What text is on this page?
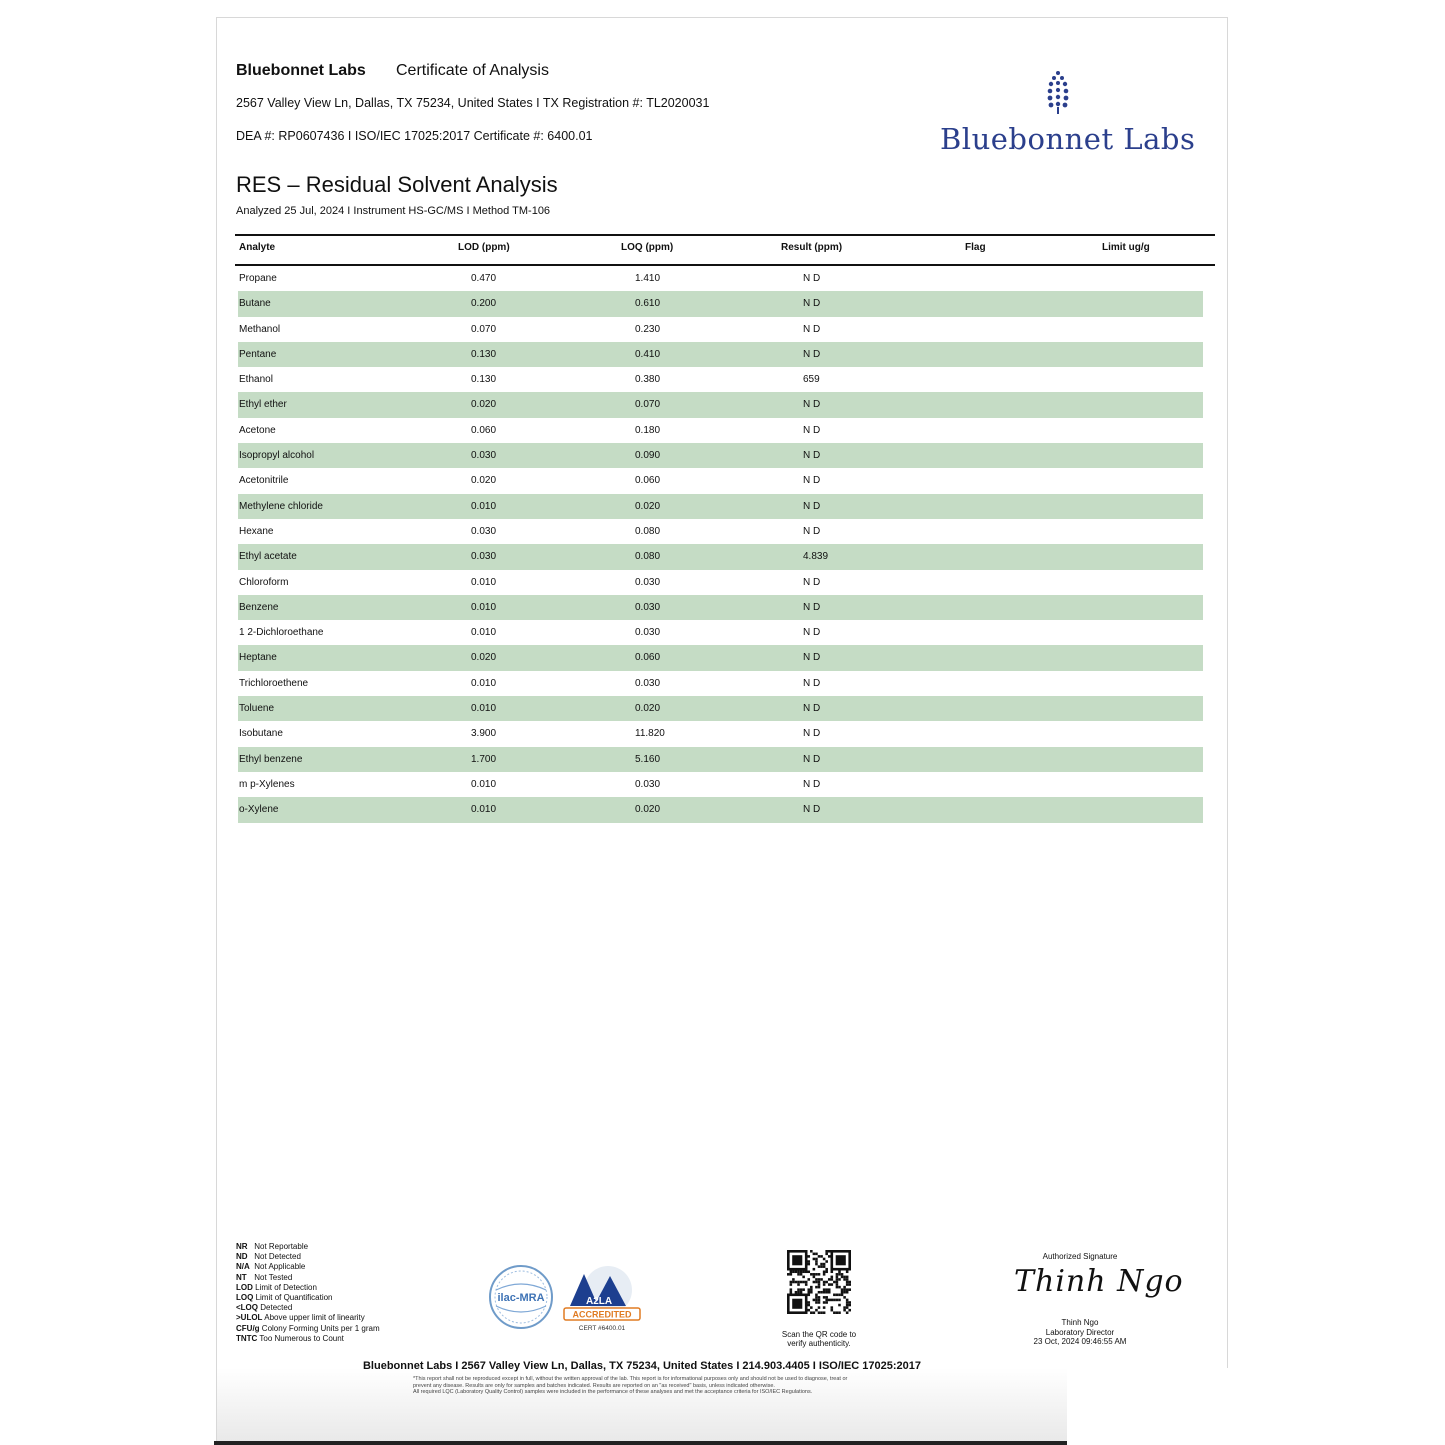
Bluebonnet Labs Certificate of Analysis
2567 Valley View Ln, Dallas, TX 75234, United States I TX Registration #: TL2020031
DEA #: RP0607436 I ISO/IEC 17025:2017 Certificate #: 6400.01	Bluebonnet Labs
RES – Residual Solvent Analysis
Analyzed 25 Jul, 2024 I Instrument HS-GC/MS I Method TM-106
Analyte	LOD (ppm)	LOQ (ppm)	Result (ppm)	Flag	Limit ug/g
Propane	0.470	1.410	N D
Butane	0.200	0.610	N D
Methanol	0.070	0.230	N D
Pentane	0.130	0.410	N D
Ethanol	0.130	0.380	659
Ethyl ether	0.020	0.070	N D
Acetone	0.060	0.180	N D
Isopropyl alcohol	0.030	0.090	N D
Acetonitrile	0.020	0.060	N D
Methylene chloride	0.010	0.020	N D
Hexane	0.030	0.080	N D
Ethyl acetate	0.030	0.080	4.839
Chloroform	0.010	0.030	N D
Benzene	0.010	0.030	N D
1 2-Dichloroethane	0.010	0.030	N D
Heptane	0.020	0.060	N D
Trichloroethene	0.010	0.030	N D
Toluene	0.010	0.020	N D
Isobutane	3.900	11.820	N D
Ethyl benzene	1.700	5.160	N D
m p-Xylenes	0.010	0.030	N D
o-Xylene	0.010	0.020	N D
NR Not Reportable
ND Not Detected
N/A Not Applicable
NT Not Tested
LOD Limit of Detection
LOQ Limit of Quantification
<LOQ Detected
>ULOL Above upper limit of linearity
CFU/g Colony Forming Units per 1 gram
TNTC Too Numerous to Count
ilac-MRA	A2LA
ACCREDITED
CERT #6400.01
Scan the QR code to
verify authenticity.
Authorized Signature
Thinh Ngo
Thinh Ngo
Laboratory Director
23 Oct, 2024 09:46:55 AM
Bluebonnet Labs I 2567 Valley View Ln, Dallas, TX 75234, United States I 214.903.4405 I ISO/IEC 17025:2017
*This report shall not be reproduced except in full, without the written approval of the lab. This report is for informational purposes only and should not be used to diagnose, treat or
prevent any disease. Results are only for samples and batches indicated. Results are reported on an "as received" basis, unless indicated otherwise.
All required LQC (Laboratory Quality Control) samples were included in the performance of these analyses and met the acceptance criteria for ISO/IEC Regulations.
